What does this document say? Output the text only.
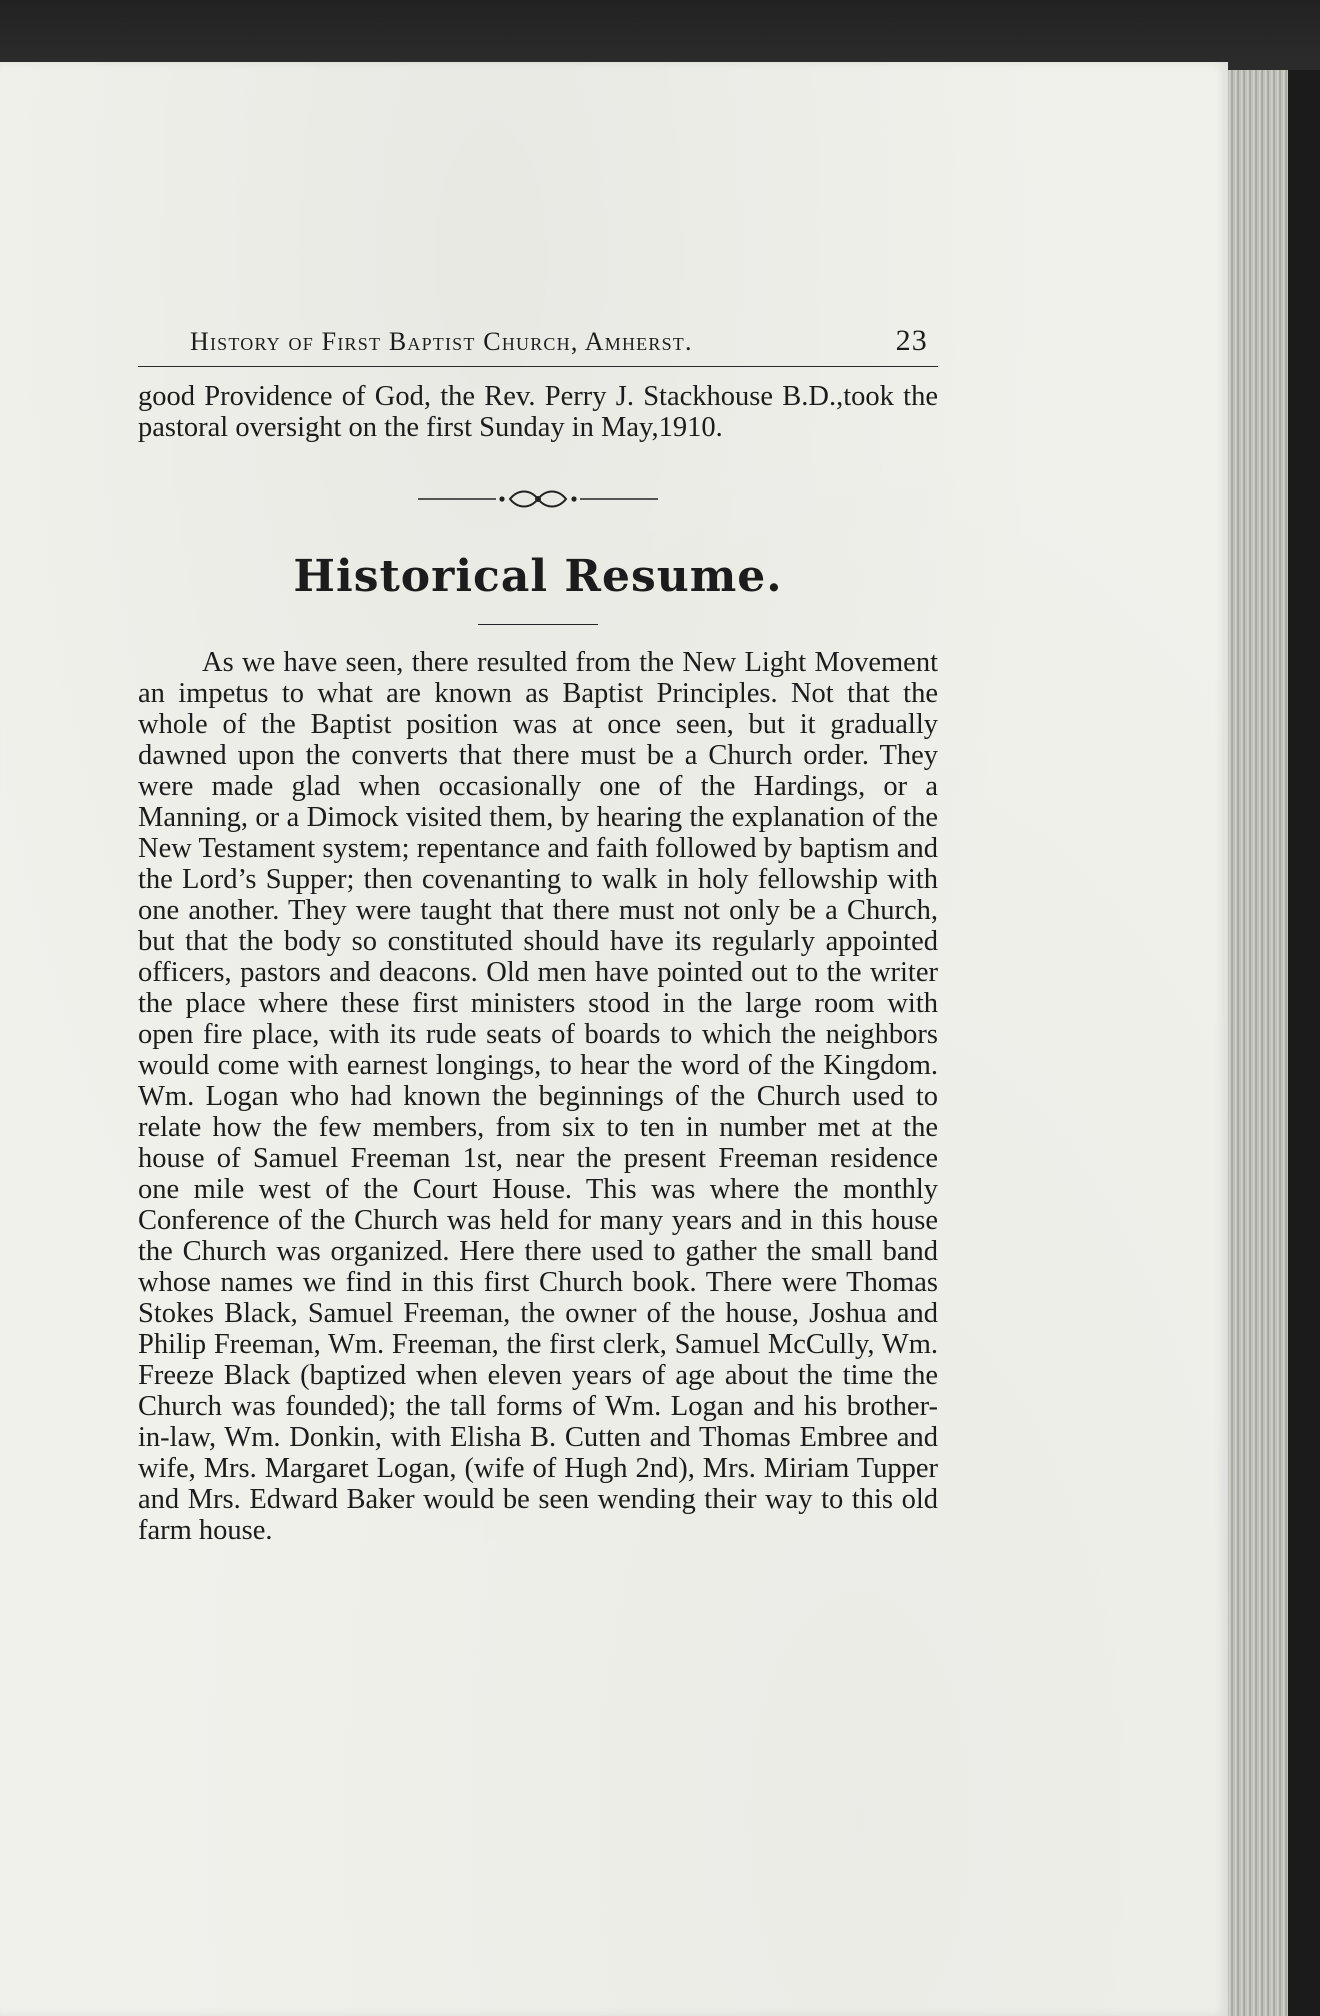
History of First Baptist Church, Amherst.	23

good Providence of God, the Rev. Perry J. Stackhouse B.D.,took the pastoral oversight on the first Sunday in May,1910.

Historical Resume.

As we have seen, there resulted from the New Light Movement an impetus to what are known as Baptist Principles. Not that the whole of the Baptist position was at once seen, but it gradually dawned upon the converts that there must be a Church order. They were made glad when occasionally one of the Hardings, or a Manning, or a Dimock visited them, by hearing the explanation of the New Testament system; repentance and faith followed by baptism and the Lord’s Supper; then covenanting to walk in holy fellowship with one another. They were taught that there must not only be a Church, but that the body so constituted should have its regularly appointed officers, pastors and deacons. Old men have pointed out to the writer the place where these first ministers stood in the large room with open fire place, with its rude seats of boards to which the neighbors would come with earnest longings, to hear the word of the Kingdom. Wm. Logan who had known the beginnings of the Church used to relate how the few members, from six to ten in number met at the house of Samuel Freeman 1st, near the present Freeman residence one mile west of the Court House. This was where the monthly Conference of the Church was held for many years and in this house the Church was organized. Here there used to gather the small band whose names we find in this first Church book. There were Thomas Stokes Black, Samuel Freeman, the owner of the house, Joshua and Philip Freeman, Wm. Freeman, the first clerk, Samuel McCully, Wm. Freeze Black (baptized when eleven years of age about the time the Church was founded); the tall forms of Wm. Logan and his brother-in-law, Wm. Donkin, with Elisha B. Cutten and Thomas Embree and wife, Mrs. Margaret Logan, (wife of Hugh 2nd), Mrs. Miriam Tupper and Mrs. Edward Baker would be seen wending their way to this old farm house.
